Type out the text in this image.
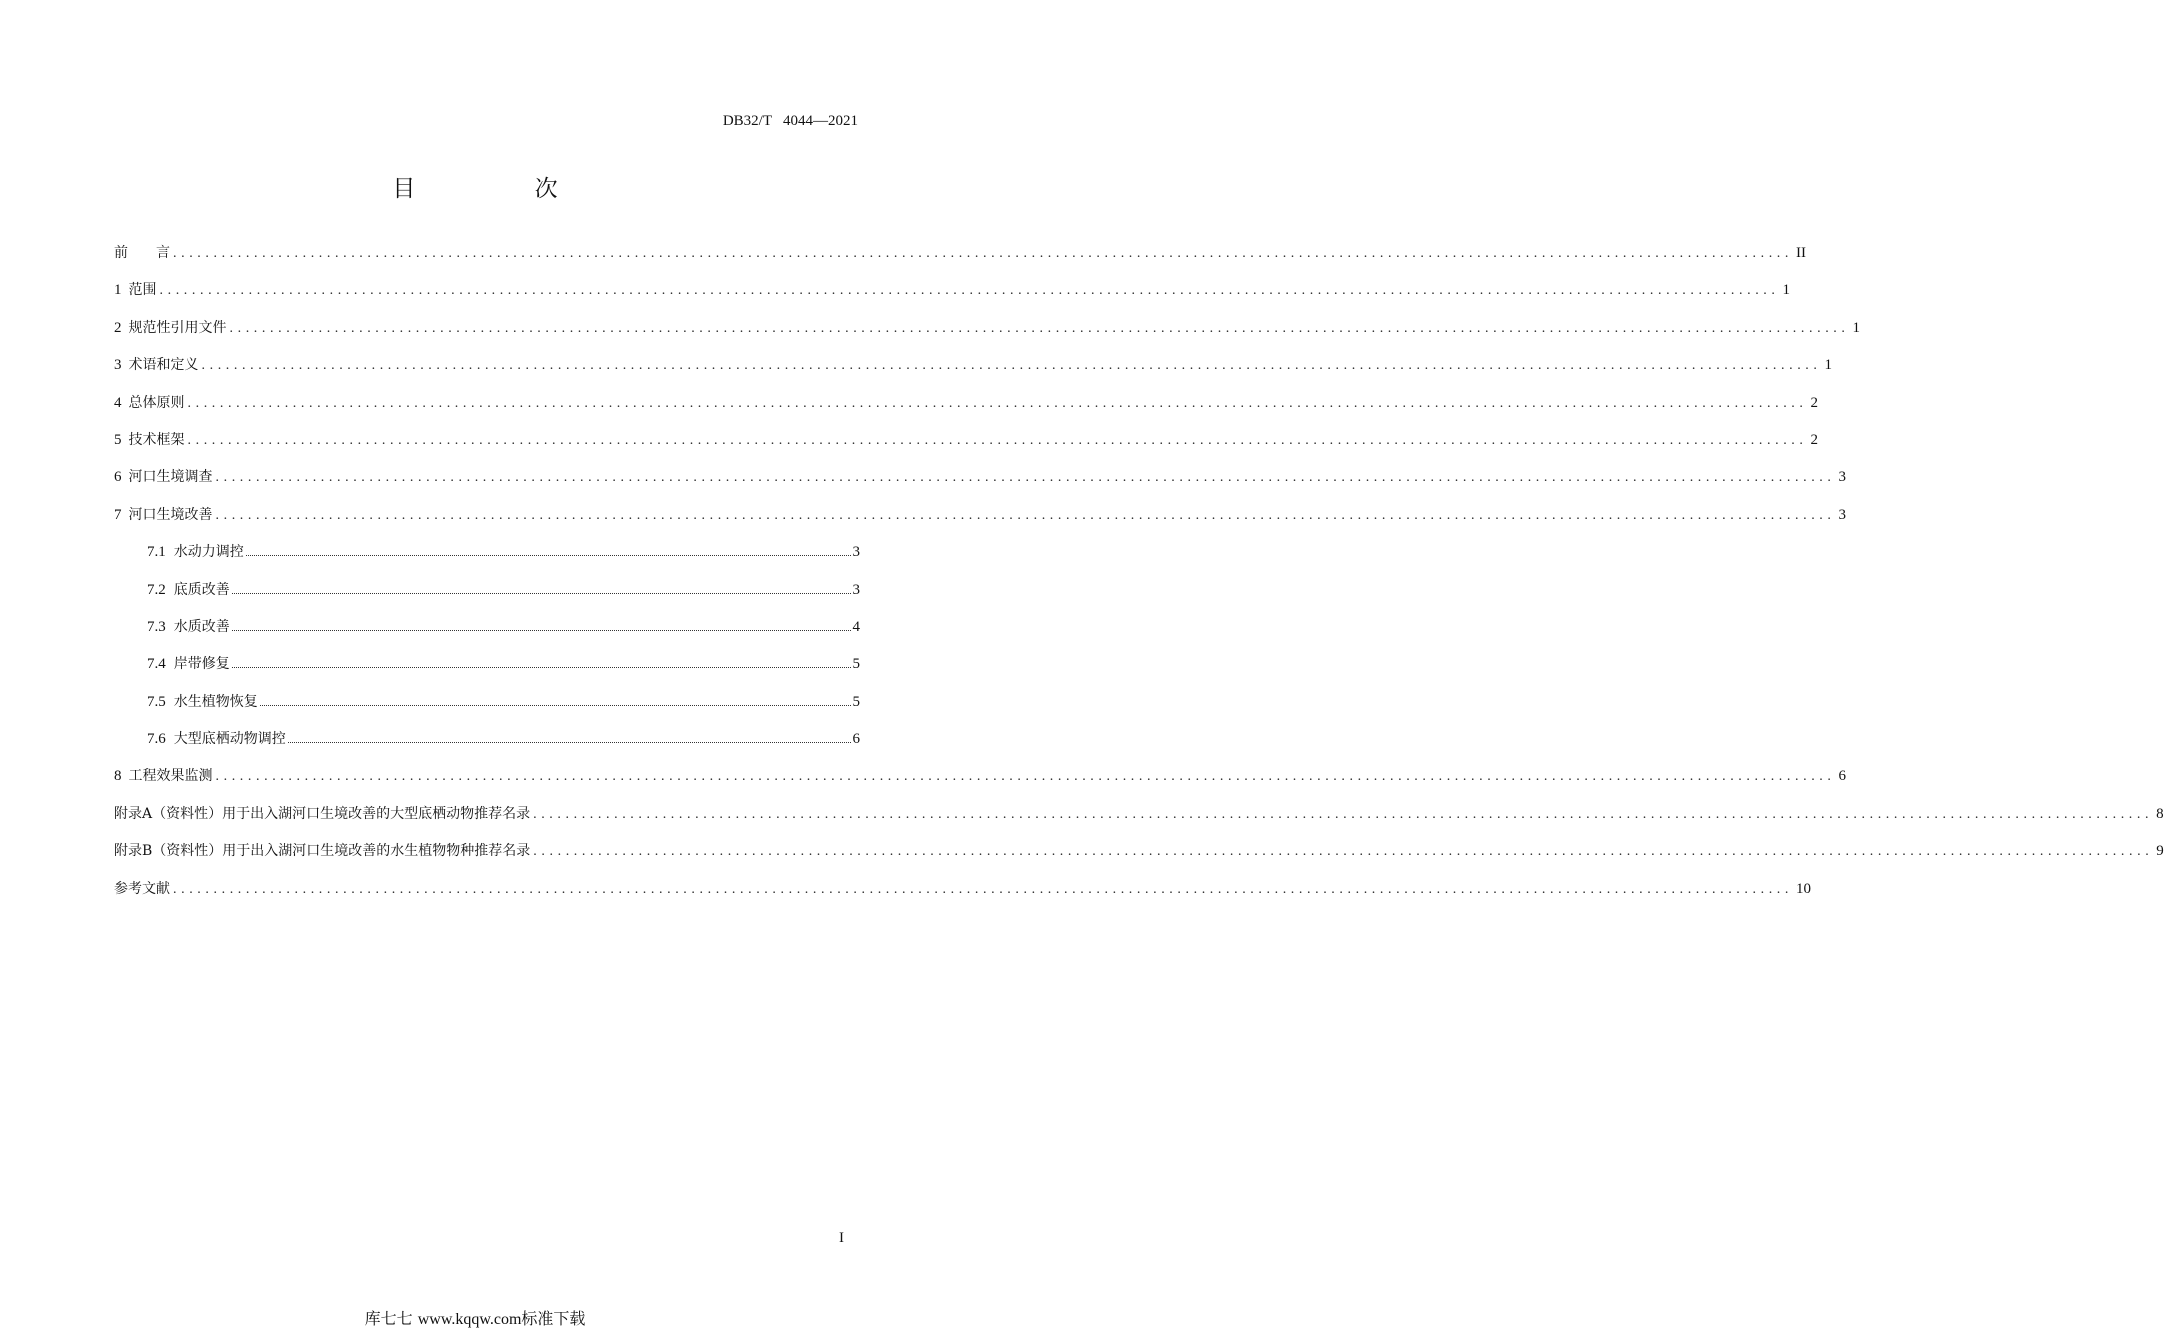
DB32/T   4044—2021
目 次
前　　言 ........................................................................................................................................................................................................ II
1 范围 ........................................................................................................................................................................................................ 1
2 规范性引用文件 ........................................................................................................................................................................................................ 1
3 术语和定义 ........................................................................................................................................................................................................ 1
4 总体原则 ........................................................................................................................................................................................................ 2
5 技术框架 ........................................................................................................................................................................................................ 2
6 河口生境调查 ........................................................................................................................................................................................................ 3
7 河口生境改善 ........................................................................................................................................................................................................ 3
7.1 水动力调控	3
7.2 底质改善	3
7.3 水质改善	4
7.4 岸带修复	5
7.5 水生植物恢复	5
7.6 大型底栖动物调控	6
8 工程效果监测 ........................................................................................................................................................................................................ 6
附录A（资料性）用于出入湖河口生境改善的大型底栖动物推荐名录 ........................................................................................................................................................................................................ 8
附录B（资料性）用于出入湖河口生境改善的水生植物物种推荐名录 ........................................................................................................................................................................................................ 9
参考文献 ........................................................................................................................................................................................................ 10
I
库七七 www.kqqw.com标准下载
